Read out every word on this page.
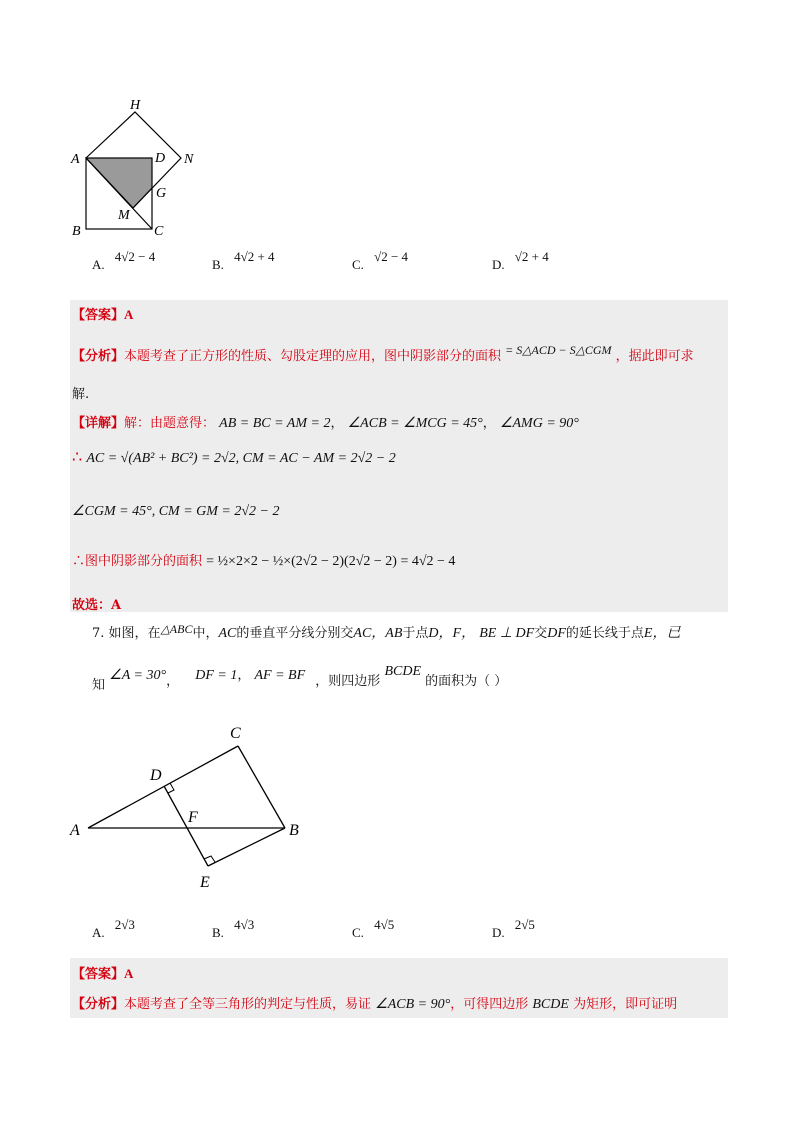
H
A	D N
G
M
B	C
A. 4√2 − 4
B. 4√2 + 4
C. √2 − 4
D. √2 + 4
【答案】A
【分析】本题考查了正方形的性质、勾股定理的应用，图中阴影部分的面积 = S△ACD − S△CGM ，据此即可求
解.
【详解】解：由题意得： AB = BC = AM = 2， ∠ACB = ∠MCG = 45°， ∠AMG = 90°
∴ AC = √(AB² + BC²) = 2√2, CM = AC − AM = 2√2 − 2
∠CGM = 45°, CM = GM = 2√2 − 2
∴图中阴影部分的面积 = ½×2×2 − ½×(2√2 − 2)(2√2 − 2) = 4√2 − 4
故选：A
7. 如图，在△ABC中，AC的垂直平分线分别交AC，AB于点D，F， BE ⊥ DF交DF的延长线于点E，已
知 ∠A = 30°， DF = 1， AF = BF ，则四边形 BCDE 的面积为（ ）
C
D
F
A	B
E
A. 2√3
B. 4√3
C. 4√5
D. 2√5
【答案】A
【分析】本题考查了全等三角形的判定与性质，易证 ∠ACB = 90°，可得四边形 BCDE 为矩形，即可证明
